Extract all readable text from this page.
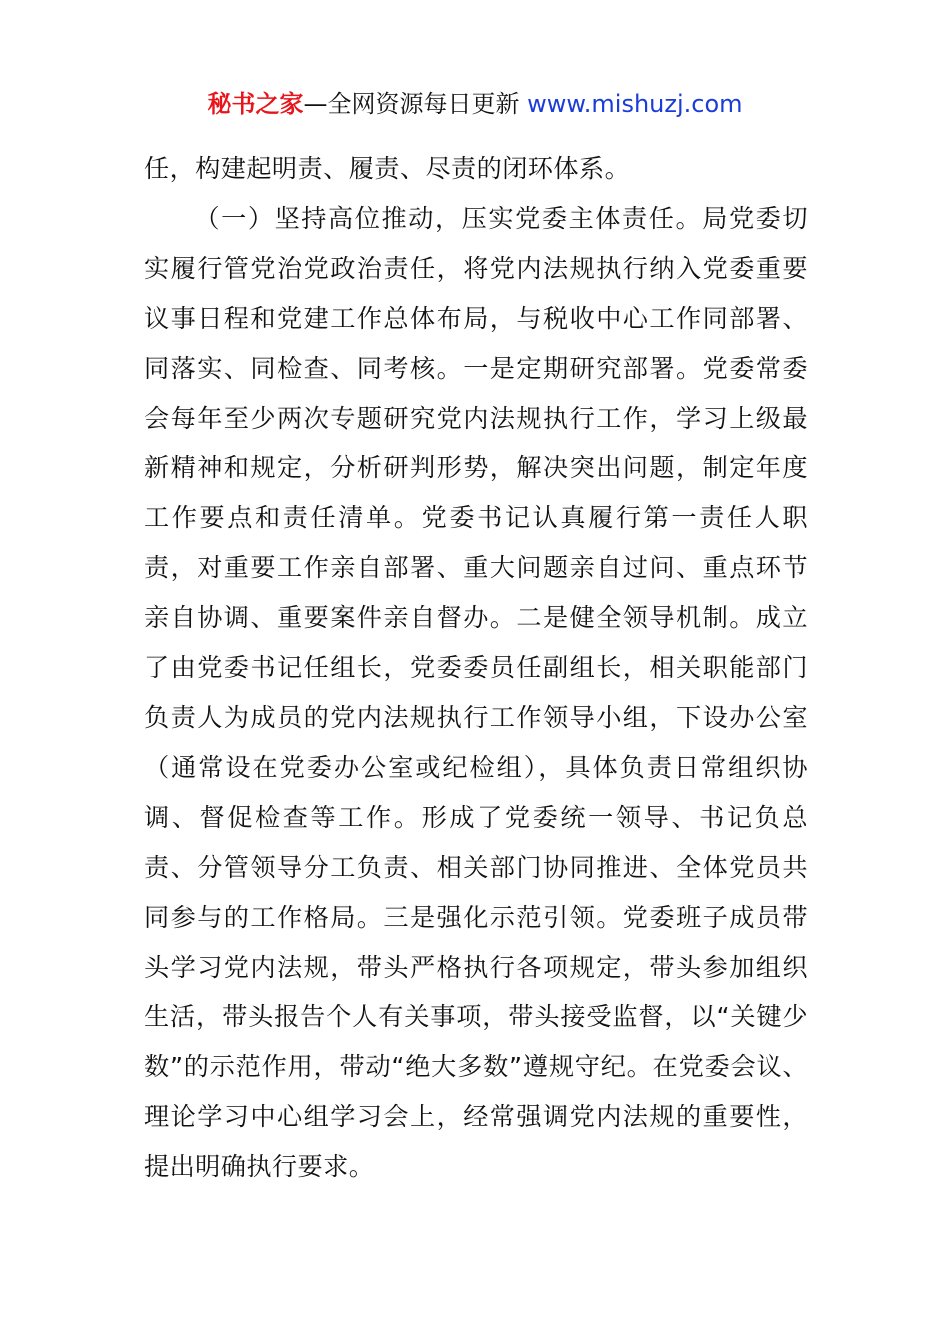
秘书之家—全网资源每日更新 www.mishuzj.com

任，构建起明责、履责、尽责的闭环体系。

（一）坚持高位推动，压实党委主体责任。局党委切实履行管党治党政治责任，将党内法规执行纳入党委重要议事日程和党建工作总体布局，与税收中心工作同部署、同落实、同检查、同考核。一是定期研究部署。党委常委会每年至少两次专题研究党内法规执行工作，学习上级最新精神和规定，分析研判形势，解决突出问题，制定年度工作要点和责任清单。党委书记认真履行第一责任人职责，对重要工作亲自部署、重大问题亲自过问、重点环节亲自协调、重要案件亲自督办。二是健全领导机制。成立了由党委书记任组长，党委委员任副组长，相关职能部门负责人为成员的党内法规执行工作领导小组，下设办公室（通常设在党委办公室或纪检组），具体负责日常组织协调、督促检查等工作。形成了党委统一领导、书记负总责、分管领导分工负责、相关部门协同推进、全体党员共同参与的工作格局。三是强化示范引领。党委班子成员带头学习党内法规，带头严格执行各项规定，带头参加组织生活，带头报告个人有关事项，带头接受监督，以“关键少数”的示范作用，带动“绝大多数”遵规守纪。在党委会议、理论学习中心组学习会上，经常强调党内法规的重要性，提出明确执行要求。
